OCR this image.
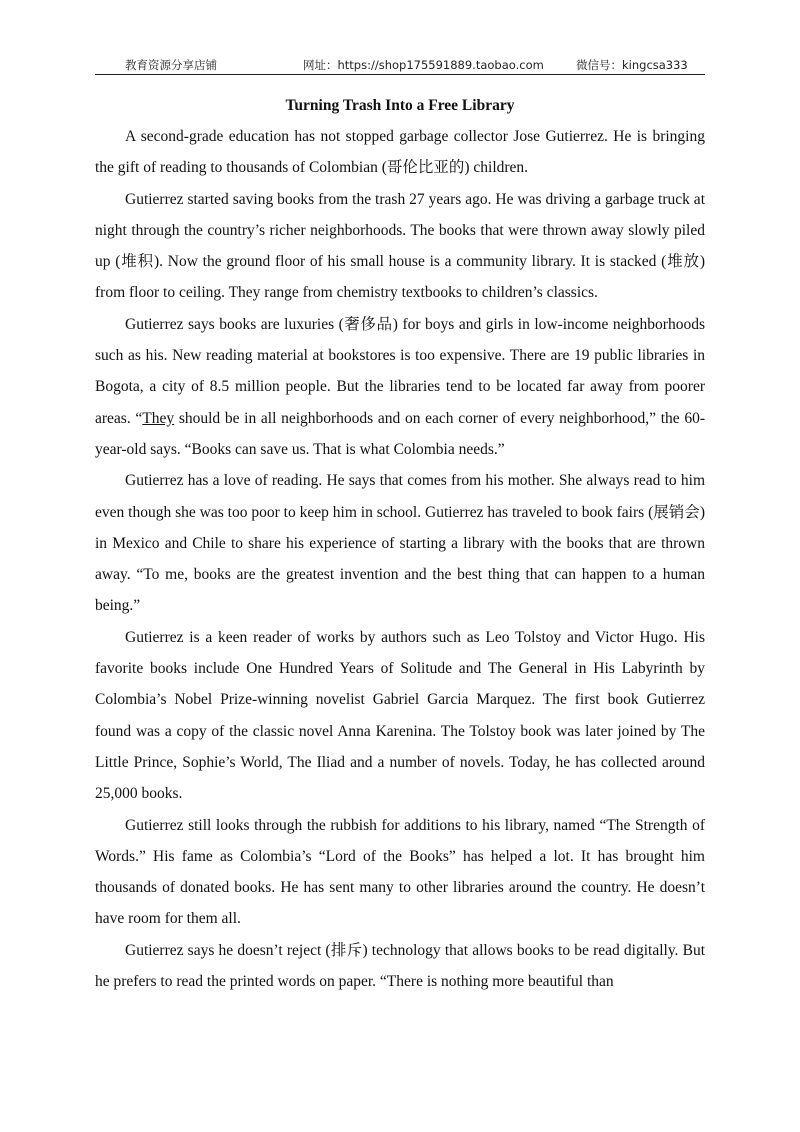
教育资源分享店铺	网址：https://shop175591889.taobao.com	微信号：kingcsa333
Turning Trash Into a Free Library

A second-grade education has not stopped garbage collector Jose Gutierrez. He is bringing the gift of reading to thousands of Colombian (哥伦比亚的) children.

Gutierrez started saving books from the trash 27 years ago. He was driving a garbage truck at night through the country’s richer neighborhoods. The books that were thrown away slowly piled up (堆积). Now the ground floor of his small house is a community library. It is stacked (堆放) from floor to ceiling. They range from chemistry textbooks to children’s classics.

Gutierrez says books are luxuries (奢侈品) for boys and girls in low-income neighborhoods such as his. New reading material at bookstores is too expensive. There are 19 public libraries in Bogota, a city of 8.5 million people. But the libraries tend to be located far away from poorer areas. “They should be in all neighborhoods and on each corner of every neighborhood,” the 60-year-old says. “Books can save us. That is what Colombia needs.”

Gutierrez has a love of reading. He says that comes from his mother. She always read to him even though she was too poor to keep him in school. Gutierrez has traveled to book fairs (展销会) in Mexico and Chile to share his experience of starting a library with the books that are thrown away. “To me, books are the greatest invention and the best thing that can happen to a human being.”

Gutierrez is a keen reader of works by authors such as Leo Tolstoy and Victor Hugo. His favorite books include One Hundred Years of Solitude and The General in His Labyrinth by Colombia’s Nobel Prize-winning novelist Gabriel Garcia Marquez. The first book Gutierrez found was a copy of the classic novel Anna Karenina. The Tolstoy book was later joined by The Little Prince, Sophie’s World, The Iliad and a number of novels. Today, he has collected around 25,000 books.

Gutierrez still looks through the rubbish for additions to his library, named “The Strength of Words.” His fame as Colombia’s “Lord of the Books” has helped a lot. It has brought him thousands of donated books. He has sent many to other libraries around the country. He doesn’t have room for them all.

Gutierrez says he doesn’t reject (排斥) technology that allows books to be read digitally. But he prefers to read the printed words on paper. “There is nothing more beautiful than
